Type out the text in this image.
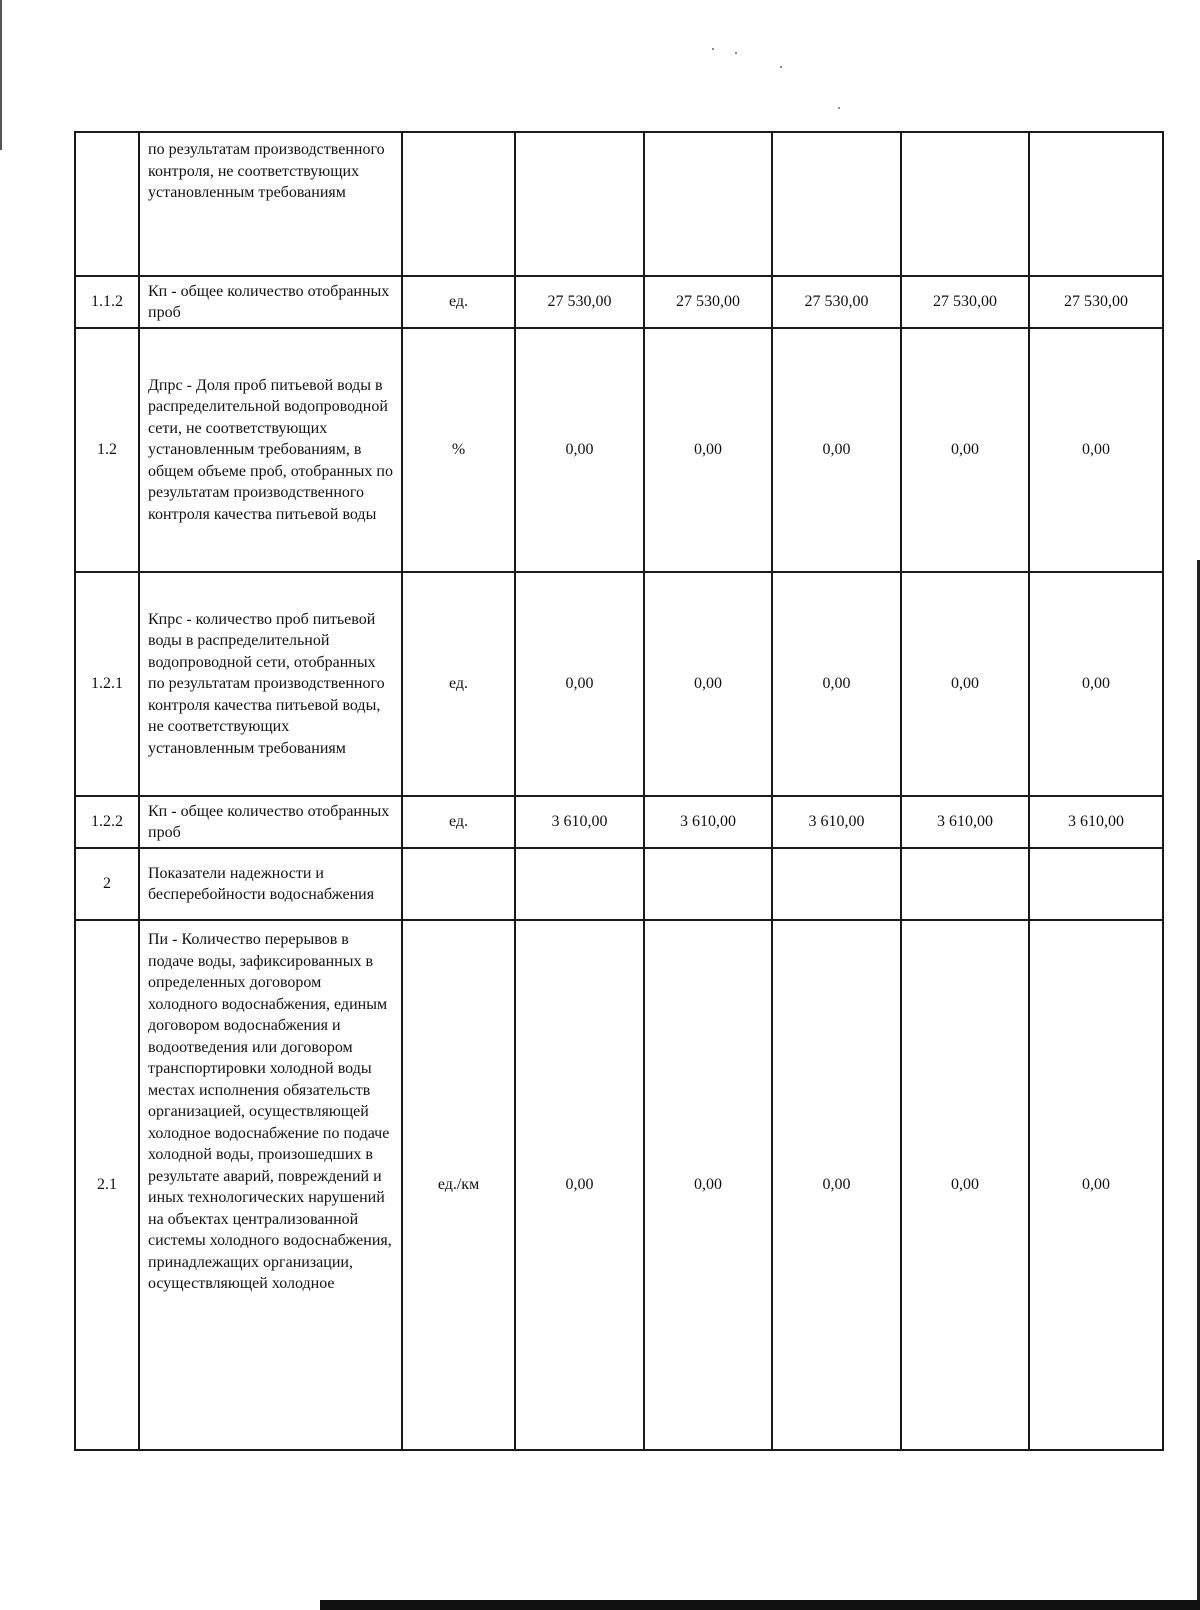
	по результатам производственного контроля, не соответствующих установленным требованиям						
1.1.2	Кп - общее количество отобранных проб	ед.	27 530,00	27 530,00	27 530,00	27 530,00	27 530,00
1.2	Дпрс - Доля проб питьевой воды в распределительной водопроводной сети, не соответствующих установленным требованиям, в общем объеме проб, отобранных по результатам производственного контроля качества питьевой воды	%	0,00	0,00	0,00	0,00	0,00
1.2.1	Кпрс - количество проб питьевой воды в распределительной водопроводной сети, отобранных по результатам производственного контроля качества питьевой воды, не соответствующих установленным требованиям	ед.	0,00	0,00	0,00	0,00	0,00
1.2.2	Кп - общее количество отобранных проб	ед.	3 610,00	3 610,00	3 610,00	3 610,00	3 610,00
2	Показатели надежности и бесперебойности водоснабжения						
2.1	Пи - Количество перерывов в подаче воды, зафиксированных в определенных договором холодного водоснабжения, единым договором водоснабжения и водоотведения или договором транспортировки холодной воды местах исполнения обязательств организацией, осуществляющей холодное водоснабжение по подаче холодной воды, произошедших в результате аварий, повреждений и иных технологических нарушений на объектах централизованной системы холодного водоснабжения, принадлежащих организации, осуществляющей холодное	ед./км	0,00	0,00	0,00	0,00	0,00
